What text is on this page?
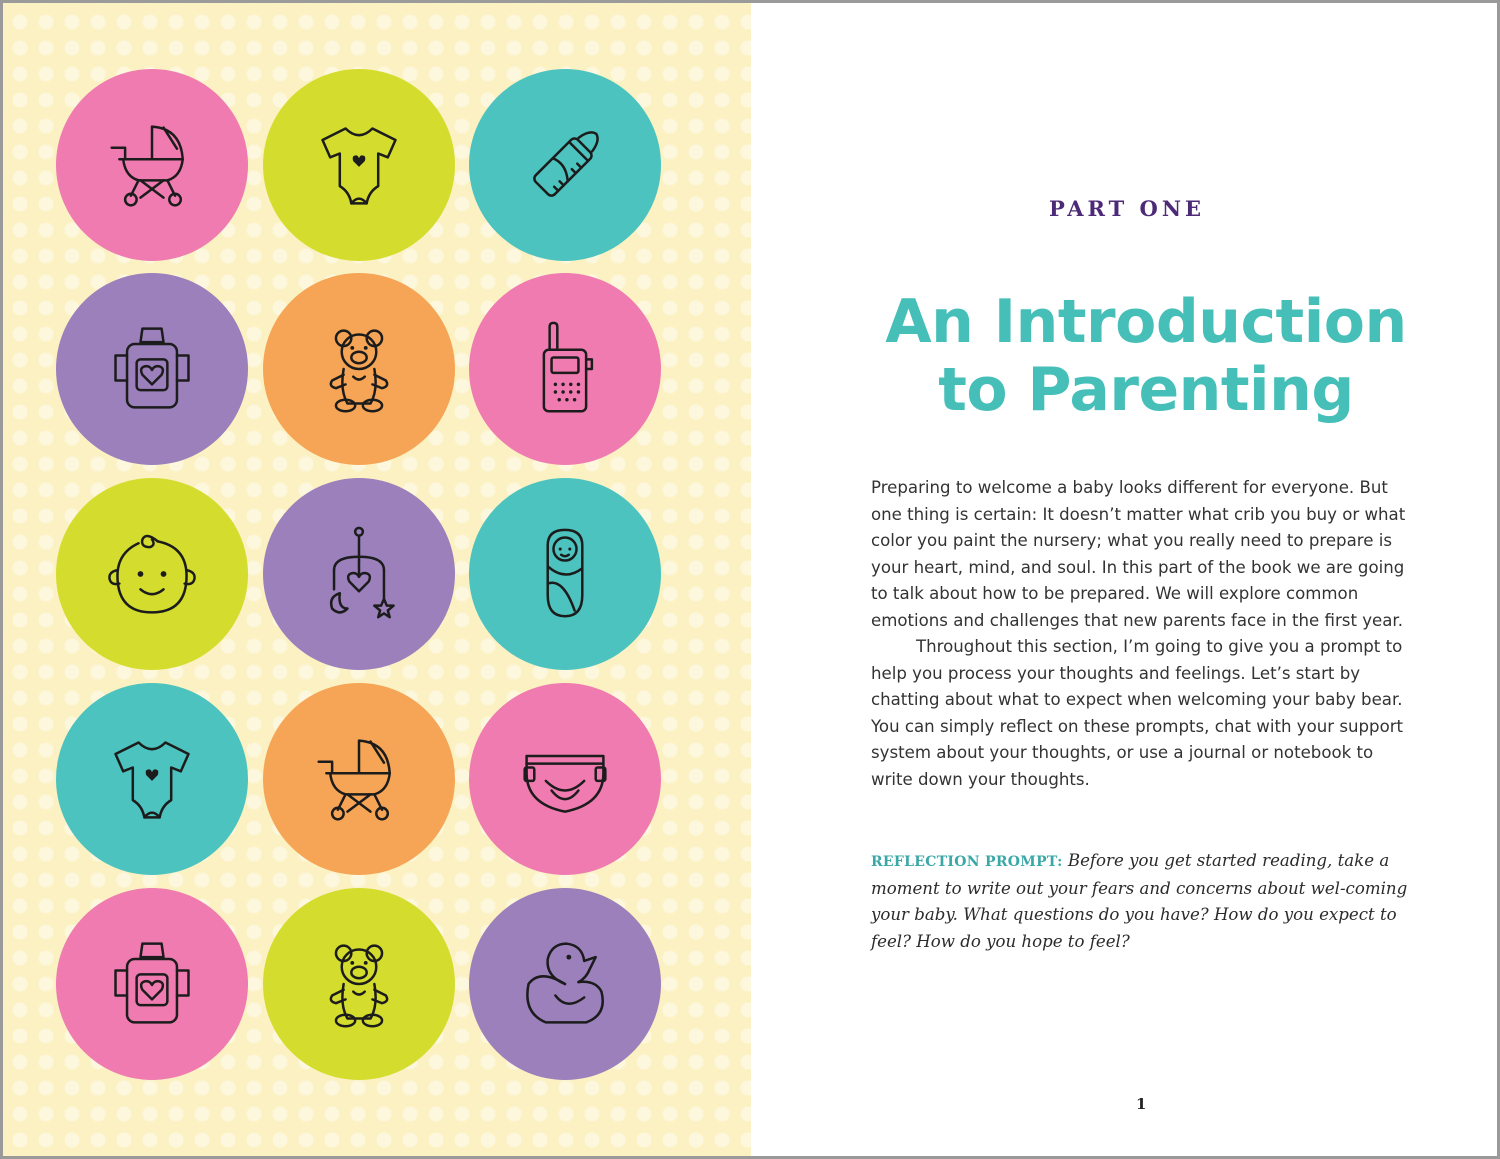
PART ONE
An Introduction
to Parenting

Preparing to welcome a baby looks different for everyone. But one thing is certain: It doesn’t matter what crib you buy or what color you paint the nursery; what you really need to prepare is your heart, mind, and soul. In this part of the book we are going to talk about how to be prepared. We will explore common emotions and challenges that new parents face in the first year.

Throughout this section, I’m going to give you a prompt to help you process your thoughts and feelings. Let’s start by chatting about what to expect when welcoming your baby bear. You can simply reflect on these prompts, chat with your support system about your thoughts, or use a journal or notebook to write down your thoughts.

REFLECTION PROMPT: Before you get started reading, take a moment to write out your fears and concerns about wel-coming your baby. What questions do you have? How do you expect to feel? How do you hope to feel?

1
